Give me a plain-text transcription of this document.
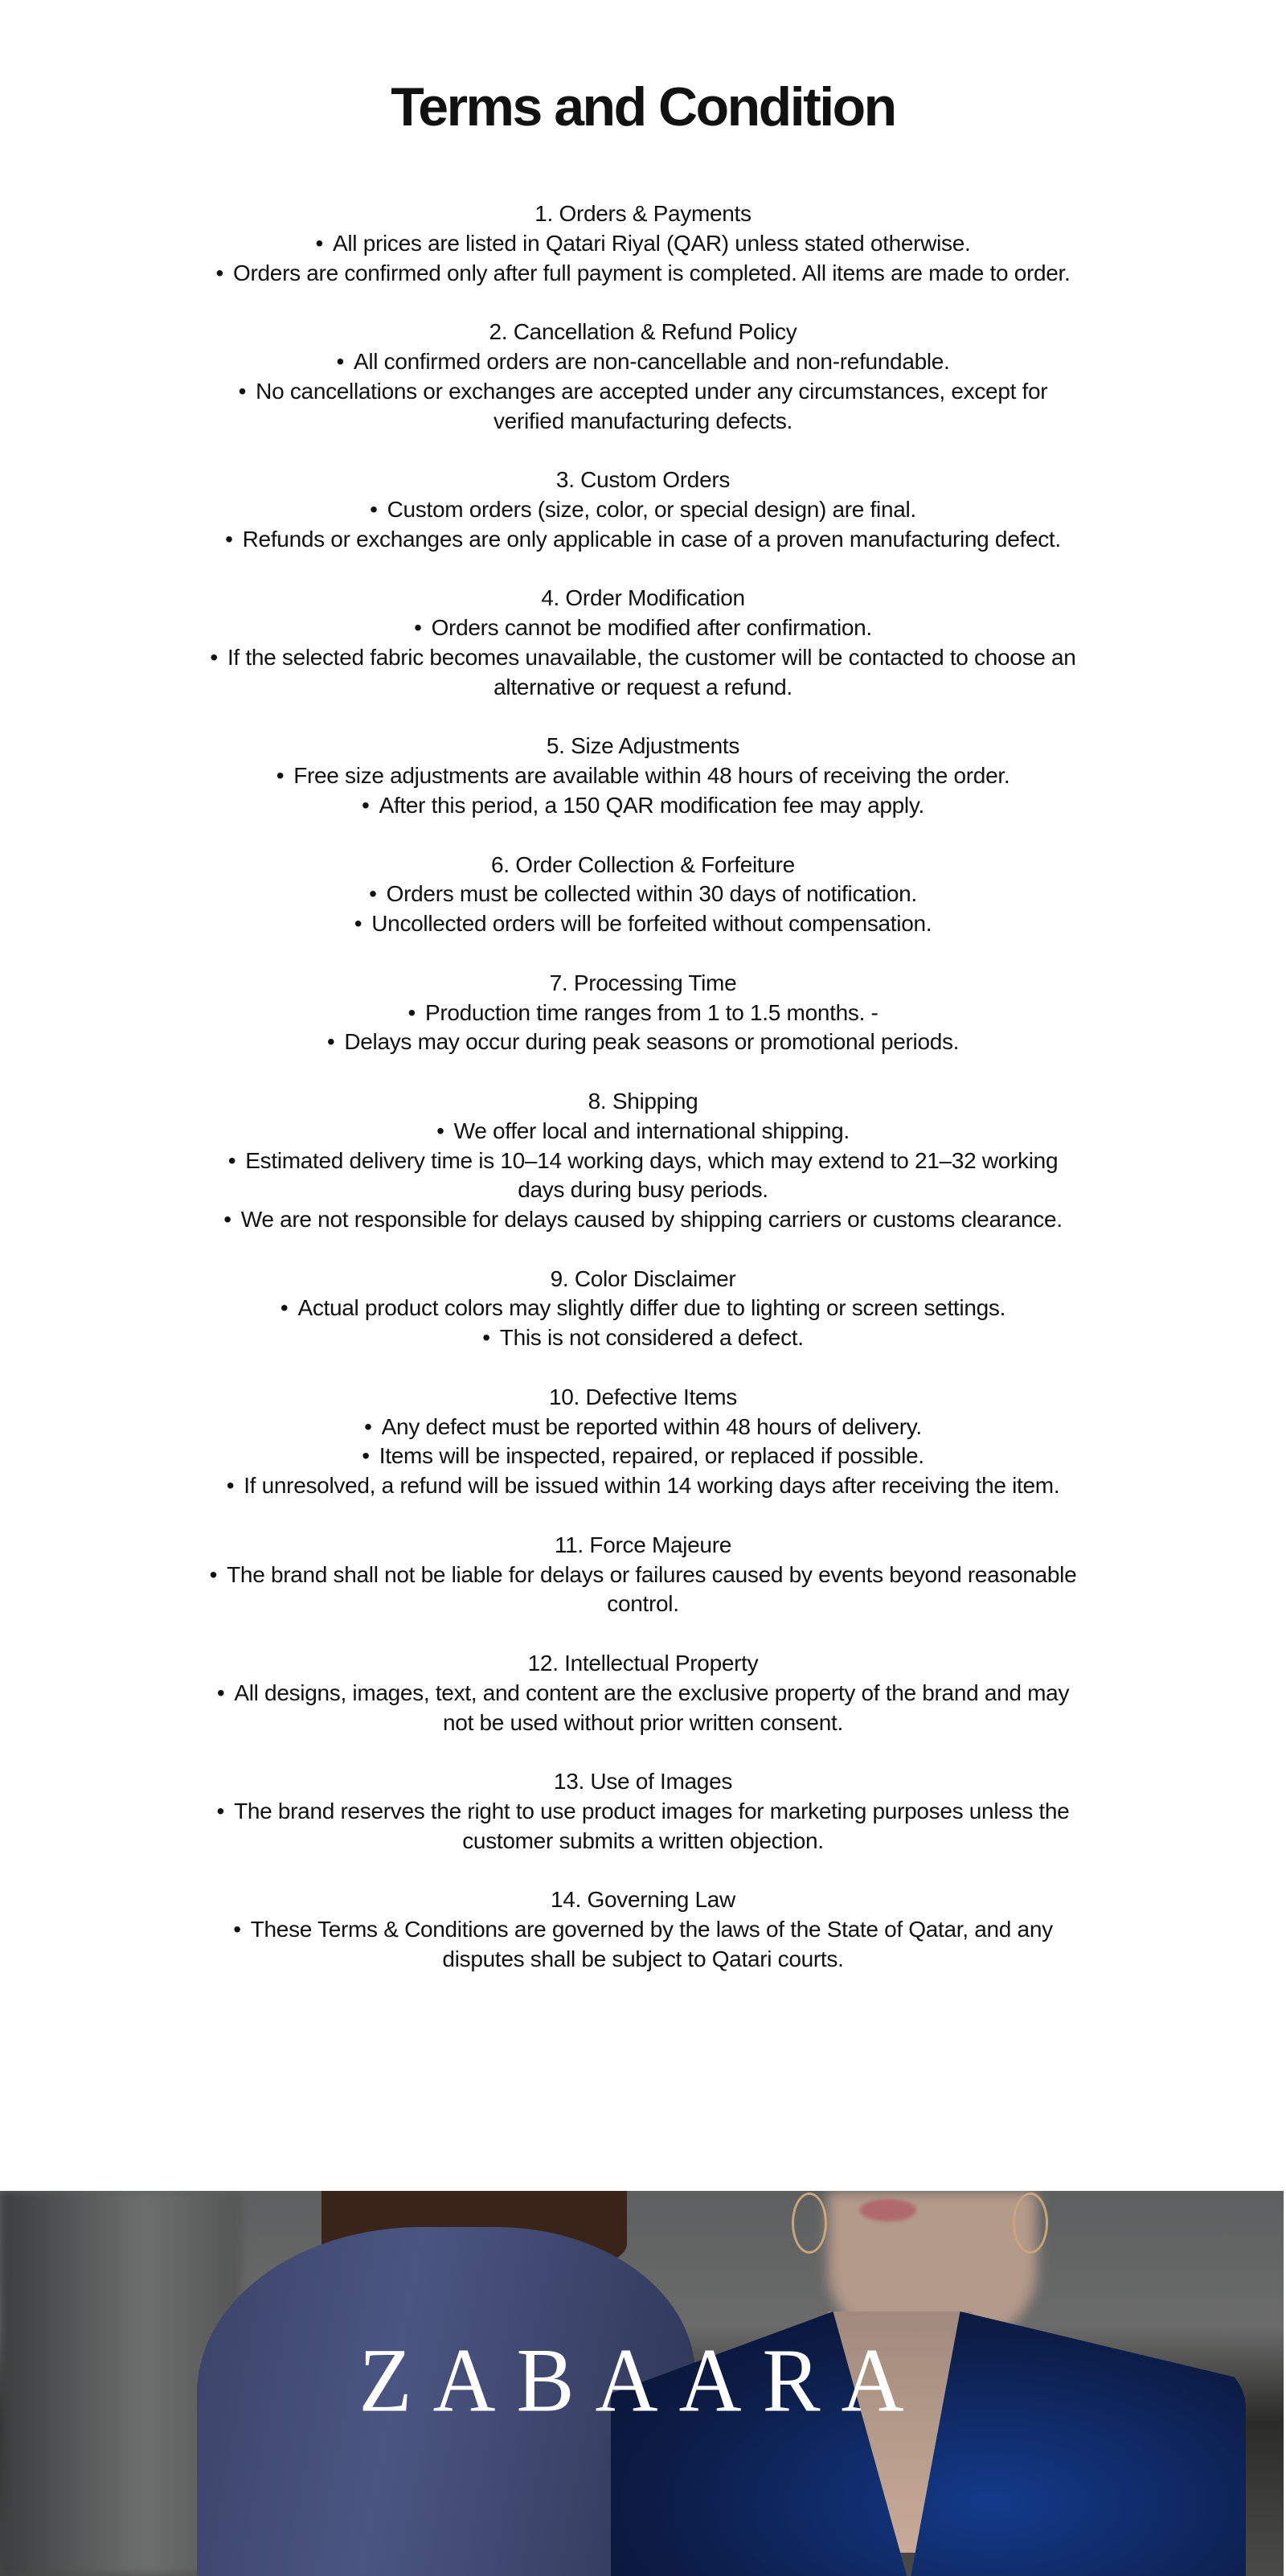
Terms and Condition
1. Orders & Payments
• All prices are listed in Qatari Riyal (QAR) unless stated otherwise.
• Orders are confirmed only after full payment is completed. All items are made to order.
2. Cancellation & Refund Policy
• All confirmed orders are non-cancellable and non-refundable.
• No cancellations or exchanges are accepted under any circumstances, except for verified manufacturing defects.
3. Custom Orders
• Custom orders (size, color, or special design) are final.
• Refunds or exchanges are only applicable in case of a proven manufacturing defect.
4. Order Modification
• Orders cannot be modified after confirmation.
• If the selected fabric becomes unavailable, the customer will be contacted to choose an alternative or request a refund.
5. Size Adjustments
• Free size adjustments are available within 48 hours of receiving the order.
• After this period, a 150 QAR modification fee may apply.
6. Order Collection & Forfeiture
• Orders must be collected within 30 days of notification.
• Uncollected orders will be forfeited without compensation.
7. Processing Time
• Production time ranges from 1 to 1.5 months. -
• Delays may occur during peak seasons or promotional periods.
8. Shipping
• We offer local and international shipping.
• Estimated delivery time is 10–14 working days, which may extend to 21–32 working days during busy periods.
• We are not responsible for delays caused by shipping carriers or customs clearance.
9. Color Disclaimer
• Actual product colors may slightly differ due to lighting or screen settings.
• This is not considered a defect.
10. Defective Items
• Any defect must be reported within 48 hours of delivery.
• Items will be inspected, repaired, or replaced if possible.
• If unresolved, a refund will be issued within 14 working days after receiving the item.
11. Force Majeure
• The brand shall not be liable for delays or failures caused by events beyond reasonable control.
12. Intellectual Property
• All designs, images, text, and content are the exclusive property of the brand and may not be used without prior written consent.
13. Use of Images
• The brand reserves the right to use product images for marketing purposes unless the customer submits a written objection.
14. Governing Law
• These Terms & Conditions are governed by the laws of the State of Qatar, and any disputes shall be subject to Qatari courts.
ZABAARA
